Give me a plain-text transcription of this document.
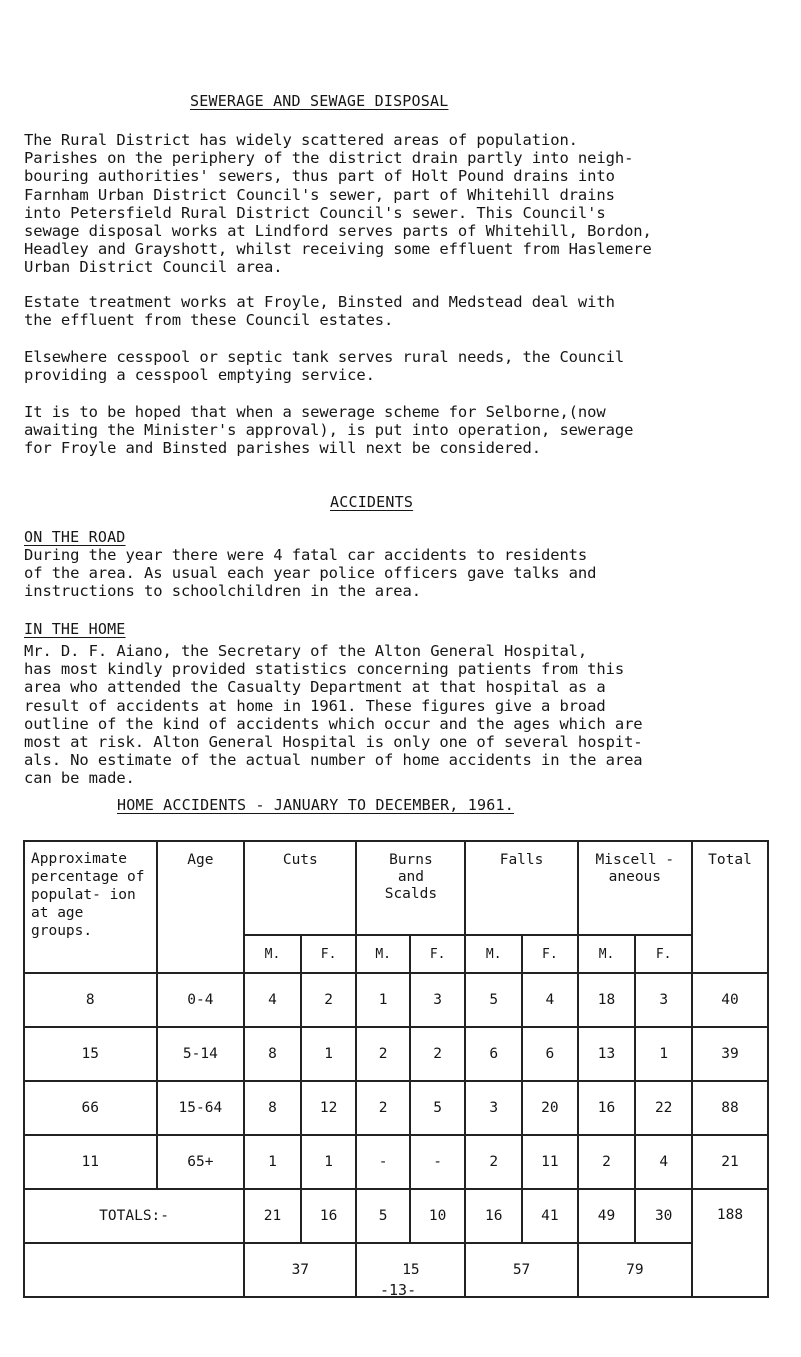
SEWERAGE AND SEWAGE DISPOSAL
The Rural District has widely scattered areas of population.
Parishes on the periphery of the district drain partly into neigh-
bouring authorities' sewers, thus part of Holt Pound drains into
Farnham Urban District Council's sewer, part of Whitehill drains
into Petersfield Rural District Council's sewer. This Council's
sewage disposal works at Lindford serves parts of Whitehill, Bordon,
Headley and Grayshott, whilst receiving some effluent from Haslemere
Urban District Council area.
Estate treatment works at Froyle, Binsted and Medstead deal with
the effluent from these Council estates.
Elsewhere cesspool or septic tank serves rural needs, the Council
providing a cesspool emptying service.
It is to be hoped that when a sewerage scheme for Selborne,(now
awaiting the Minister's approval), is put into operation, sewerage
for Froyle and Binsted parishes will next be considered.
ACCIDENTS
ON THE ROAD
During the year there were 4 fatal car accidents to residents
of the area. As usual each year police officers gave talks and
instructions to schoolchildren in the area.
IN THE HOME
Mr. D. F. Aiano, the Secretary of the Alton General Hospital,
has most kindly provided statistics concerning patients from this
area who attended the Casualty Department at that hospital as a
result of accidents at home in 1961. These figures give a broad
outline of the kind of accidents which occur and the ages which are
most at risk. Alton General Hospital is only one of several hospit-
als. No estimate of the actual number of home accidents in the area
can be made.
HOME ACCIDENTS - JANUARY TO DECEMBER, 1961.
Approximate percentage of populat- ion at age groups.	Age	Cuts		Burns and Scalds		Falls		Miscell -aneous		Total
		M.	F.	M.	F.	M.	F.	M.	F.	
8	0-4	4	2	1	3	5	4	18	3	40
15	5-14	8	1	2	2	6	6	13	1	39
66	15-64	8	12	2	5	3	20	16	22	88
11	65+	1	1	-	-	2	11	2	4	21
TOTALS:-		21	16	5	10	16	41	49	30	188
		37		15		57		79		
-13-
